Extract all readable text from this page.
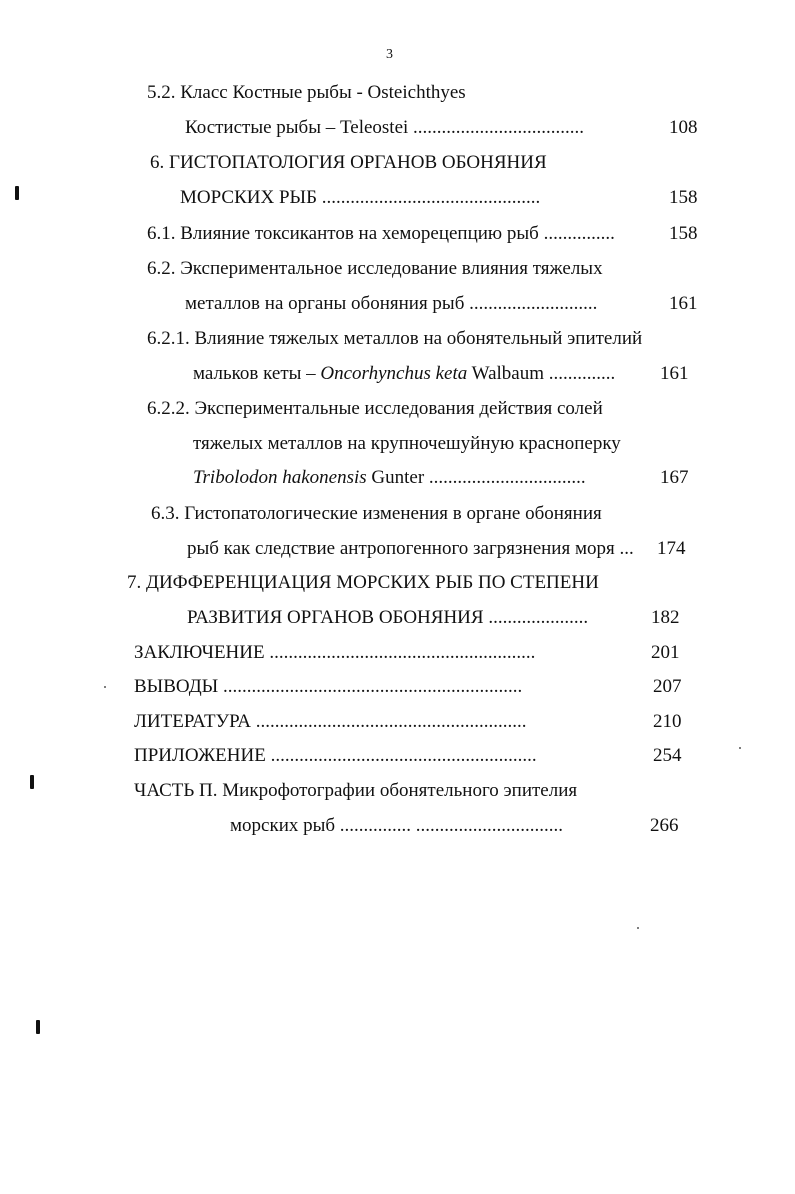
3
5.2. Класс Костные рыбы - Osteichthyes
Костистые рыбы – Teleostei ....................................	108
6. ГИСТОПАТОЛОГИЯ ОРГАНОВ ОБОНЯНИЯ
МОРСКИХ РЫБ ..............................................	158
6.1. Влияние токсикантов на хеморецепцию рыб ...............	158
6.2. Экспериментальное исследование влияния тяжелых
металлов на органы обоняния рыб ...........................	161
6.2.1. Влияние тяжелых металлов на обонятельный эпителий
мальков кеты – Oncorhynchus keta Walbaum .............. 161
6.2.2. Экспериментальные исследования действия солей
тяжелых металлов на крупночешуйную красноперку
Tribolodon hakonensis Gunter .................................	167
6.3. Гистопатологические изменения в органе обоняния
рыб как следствие антропогенного загрязнения моря ... 174
7. ДИФФЕРЕНЦИАЦИЯ МОРСКИХ РЫБ ПО СТЕПЕНИ
РАЗВИТИЯ ОРГАНОВ ОБОНЯНИЯ .....................	182
ЗАКЛЮЧЕНИЕ ........................................................	201
ВЫВОДЫ ...............................................................	207
ЛИТЕРАТУРА .........................................................	210
ПРИЛОЖЕНИЕ ........................................................	254
ЧАСТЬ П. Микрофотографии обонятельного эпителия
морских рыб ............... ...............................	266
